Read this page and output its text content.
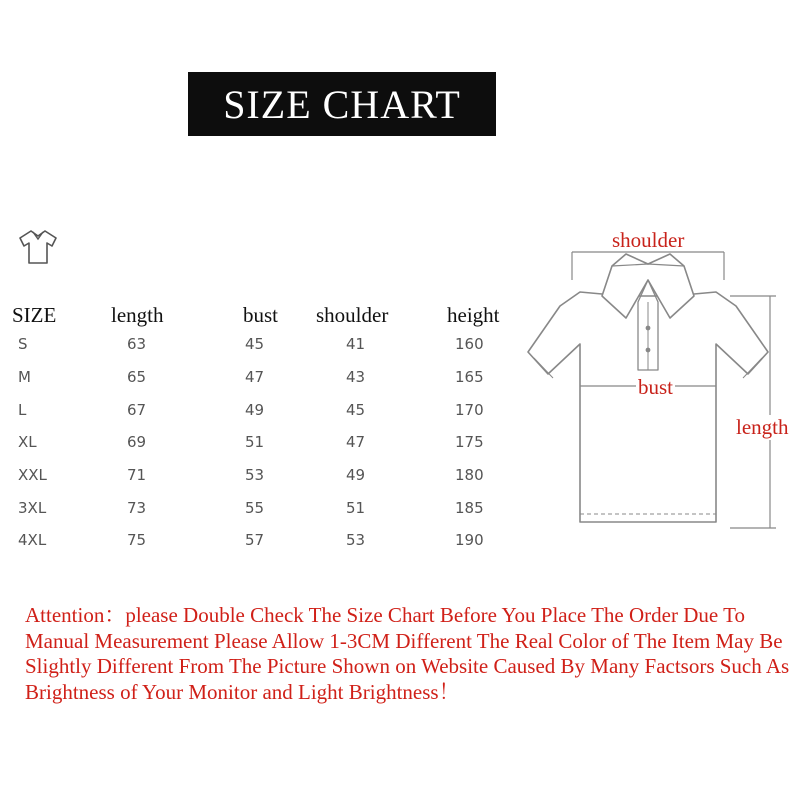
SIZE CHART
SIZE	length	bust	shoulder	height
S	63	45	41	160
M	65	47	43	165
L	67	49	45	170
XL	69	51	47	175
XXL	71	53	49	180
3XL	73	55	51	185
4XL	75	57	53	190
shoulder
bust
length
Attention：please Double Check The Size Chart Before You Place The Order Due To Manual Measurement Please Allow 1-3CM Different The Real Color of The Item May Be Slightly Different From The Picture Shown on Website Caused By Many Factsors Such As Brightness of Your Monitor and Light Brightness！
